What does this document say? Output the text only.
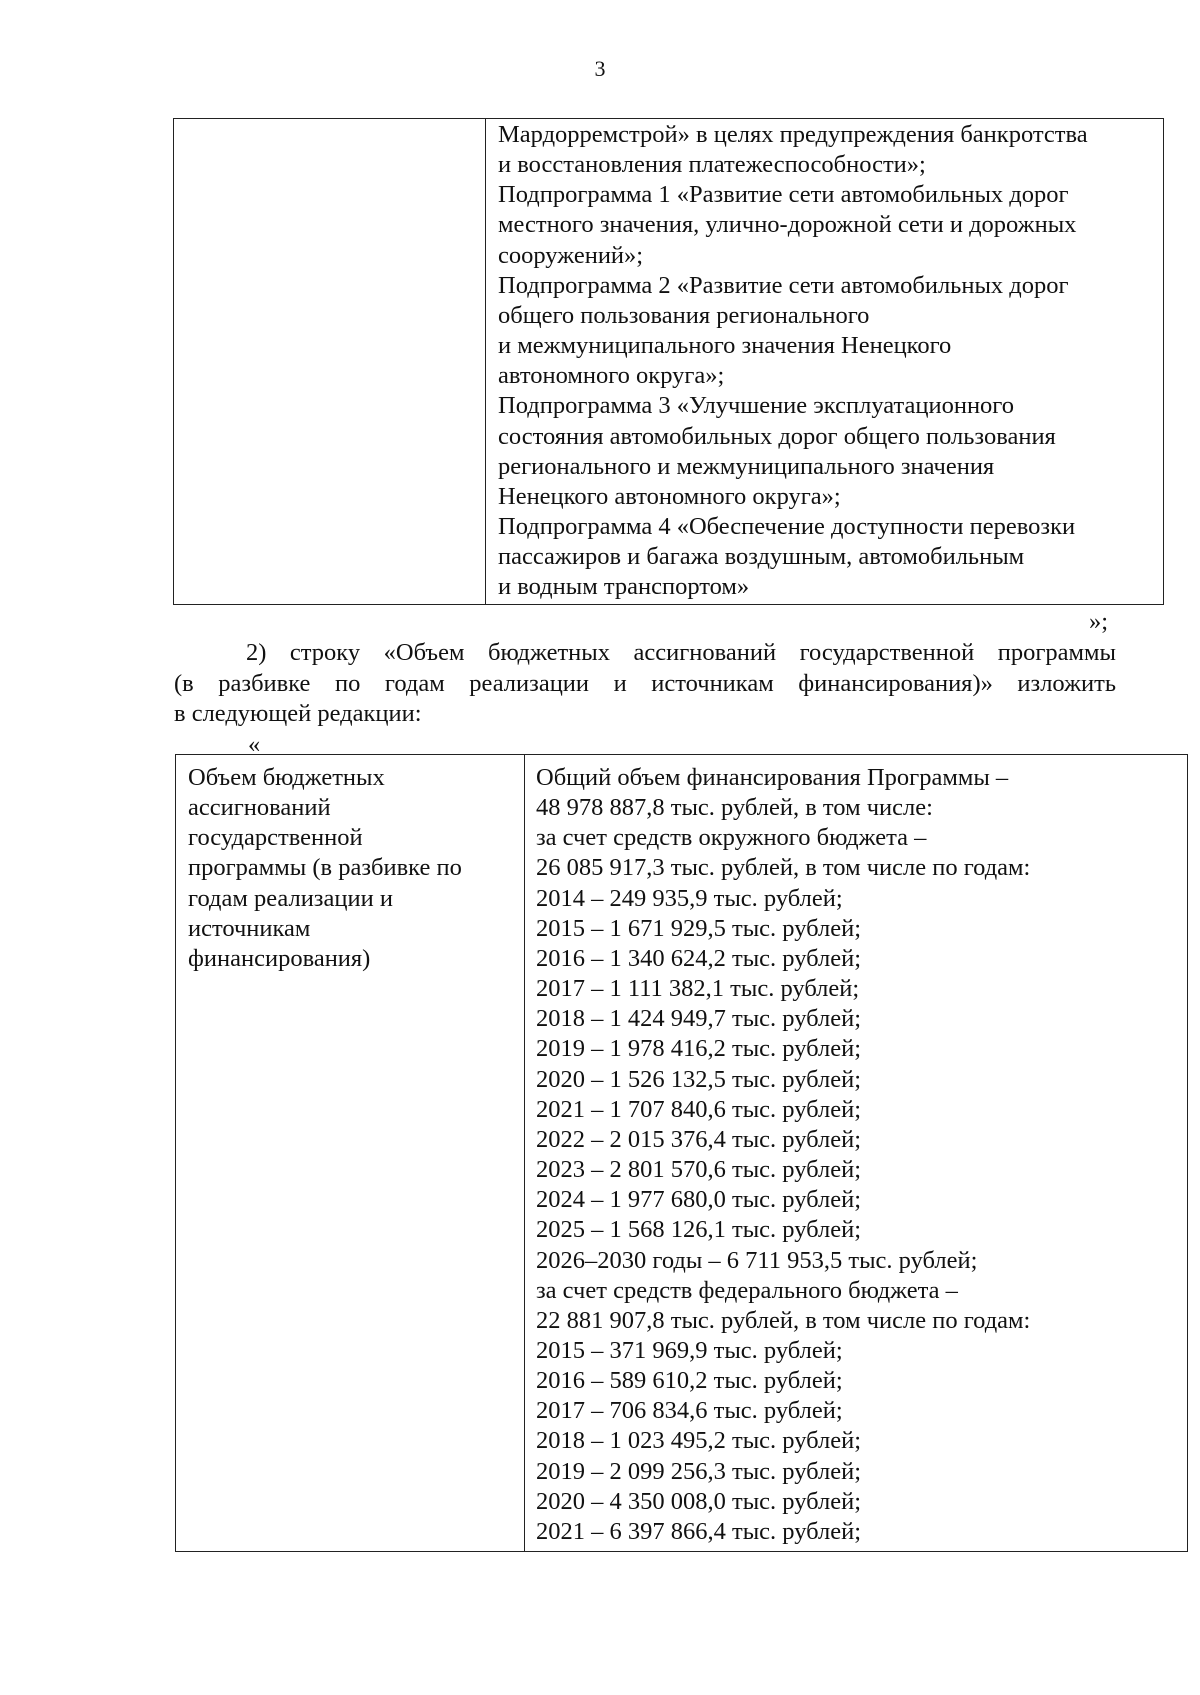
3

Мардорремстрой» в целях предупреждения банкротства
и восстановления платежеспособности»;
Подпрограмма 1 «Развитие сети автомобильных дорог
местного значения, улично-дорожной сети и дорожных
сооружений»;
Подпрограмма 2 «Развитие сети автомобильных дорог
общего пользования регионального
и межмуниципального значения Ненецкого
автономного округа»;
Подпрограмма 3 «Улучшение эксплуатационного
состояния автомобильных дорог общего пользования
регионального и межмуниципального значения
Ненецкого автономного округа»;
Подпрограмма 4 «Обеспечение доступности перевозки
пассажиров и багажа воздушным, автомобильным
и водным транспортом»
»;
2) строку «Объем бюджетных ассигнований государственной программы
(в разбивке по годам реализации и источникам финансирования)» изложить
в следующей редакции:
«
Объем бюджетных
ассигнований
государственной
программы (в разбивке по
годам реализации и
источникам
финансирования)

Общий объем финансирования Программы –
48 978 887,8 тыс. рублей, в том числе:
за счет средств окружного бюджета –
26 085 917,3 тыс. рублей, в том числе по годам:
2014 – 249 935,9 тыс. рублей;
2015 – 1 671 929,5 тыс. рублей;
2016 – 1 340 624,2 тыс. рублей;
2017 – 1 111 382,1 тыс. рублей;
2018 – 1 424 949,7 тыс. рублей;
2019 – 1 978 416,2 тыс. рублей;
2020 – 1 526 132,5 тыс. рублей;
2021 – 1 707 840,6 тыс. рублей;
2022 – 2 015 376,4 тыс. рублей;
2023 – 2 801 570,6 тыс. рублей;
2024 – 1 977 680,0 тыс. рублей;
2025 – 1 568 126,1 тыс. рублей;
2026–2030 годы – 6 711 953,5 тыс. рублей;
за счет средств федерального бюджета –
22 881 907,8 тыс. рублей, в том числе по годам:
2015 – 371 969,9 тыс. рублей;
2016 – 589 610,2 тыс. рублей;
2017 – 706 834,6 тыс. рублей;
2018 – 1 023 495,2 тыс. рублей;
2019 – 2 099 256,3 тыс. рублей;
2020 – 4 350 008,0 тыс. рублей;
2021 – 6 397 866,4 тыс. рублей;
